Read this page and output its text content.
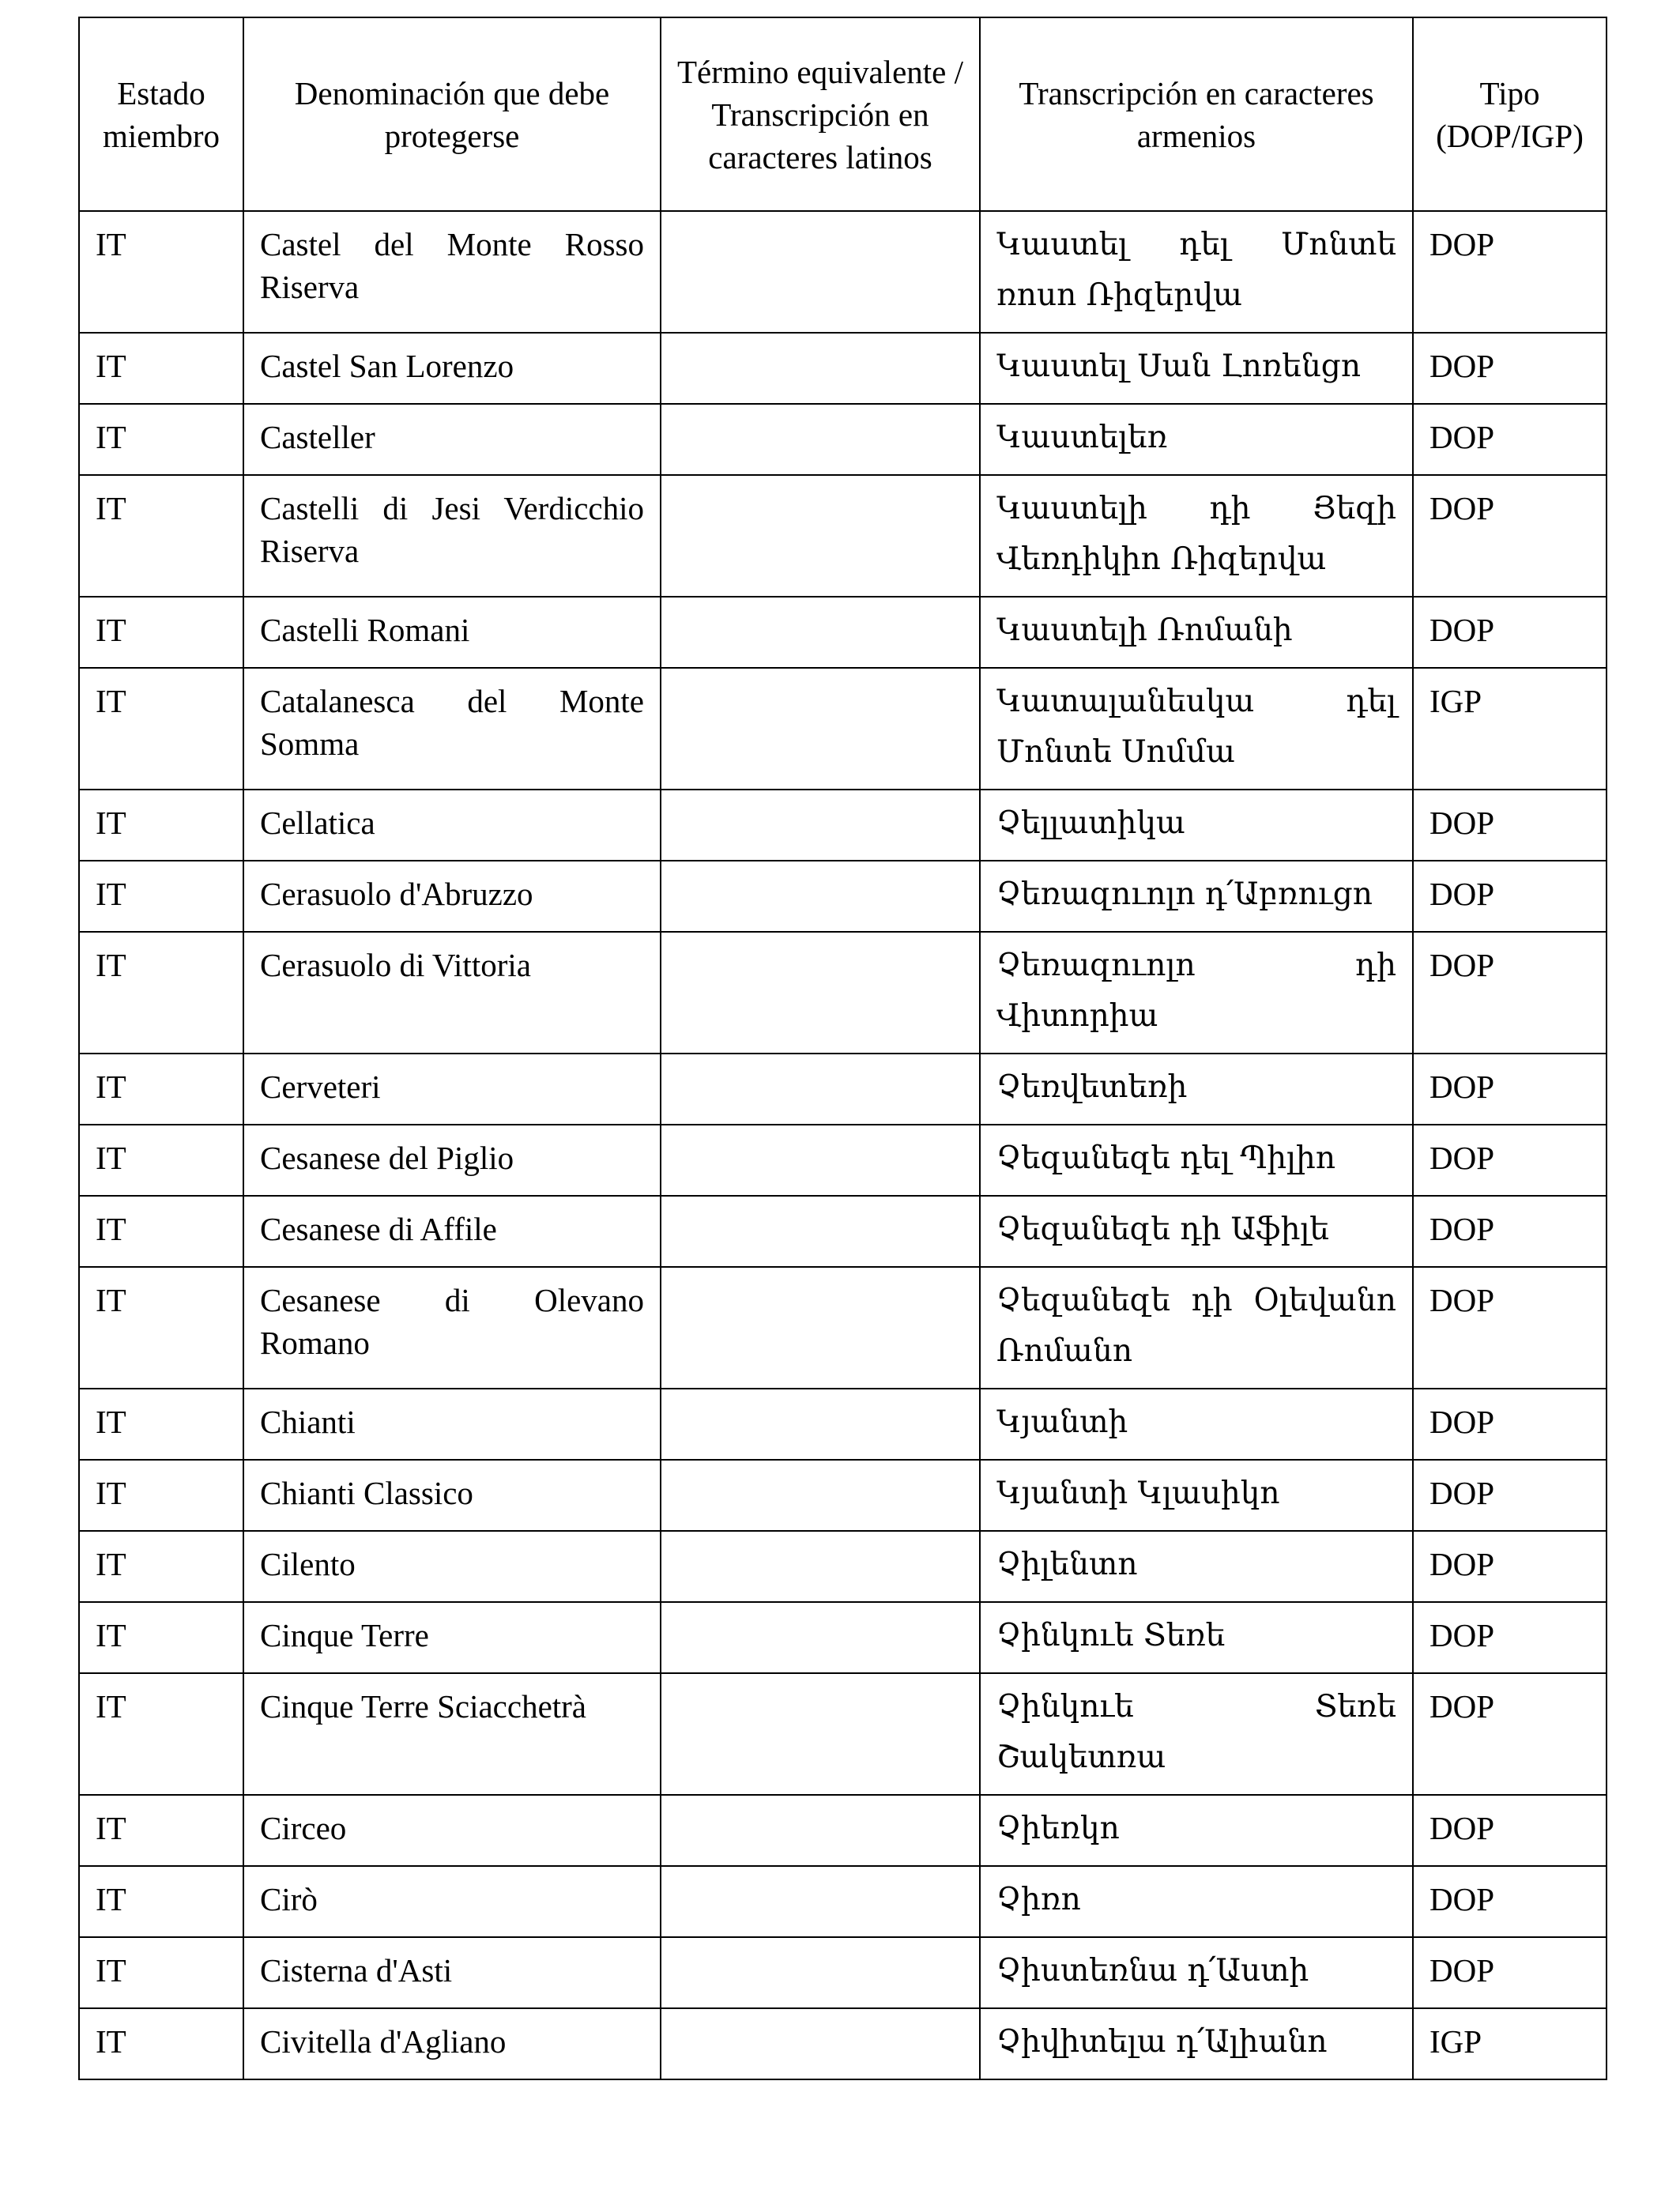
Estado miembro	Denominación que debe protegerse	Término equivalente / Transcripción en caracteres latinos	Transcripción en caracteres armenios	Tipo (DOP/IGP)
IT	Castel del Monte Rosso Riserva		Կաստել դել Մոնտե ռոսո Ռիզերվա	DOP
IT	Castel San Lorenzo		Կաստել Սան Լոռենցո	DOP
IT	Casteller		Կաստելեռ	DOP
IT	Castelli di Jesi Verdicchio Riserva		Կաստելի դի Յեզի Վեռդիկիո Ռիզերվա	DOP
IT	Castelli Romani		Կաստելի Ռոմանի	DOP
IT	Catalanesca del Monte Somma		Կատալանեսկա դել Մոնտե Սոմմա	IGP
IT	Cellatica		Չելլատիկա	DOP
IT	Cerasuolo d'Abruzzo		Չեռազուոլո դ՛Աբռուցո	DOP
IT	Cerasuolo di Vittoria		Չեռազուոլո դի Վիտորիա	DOP
IT	Cerveteri		Չեռվետեռի	DOP
IT	Cesanese del Piglio		Չեզանեզե դել Պիլիո	DOP
IT	Cesanese di Affile		Չեզանեզե դի Աֆիլե	DOP
IT	Cesanese di Olevano Romano		Չեզանեզե դի Օլեվանո Ռոմանո	DOP
IT	Chianti		Կյանտի	DOP
IT	Chianti Classico		Կյանտի Կլասիկո	DOP
IT	Cilento		Չիլենտո	DOP
IT	Cinque Terre		Չինկուե Տեռե	DOP
IT	Cinque Terre Sciacchetrà		Չինկուե Տեռե Շակետռա	DOP
IT	Circeo		Չիեռկո	DOP
IT	Cirò		Չիռո	DOP
IT	Cisterna d'Asti		Չիստեռնա դ՛Աստի	DOP
IT	Civitella d'Agliano		Չիվիտելա դ՛Ալիանո	IGP
